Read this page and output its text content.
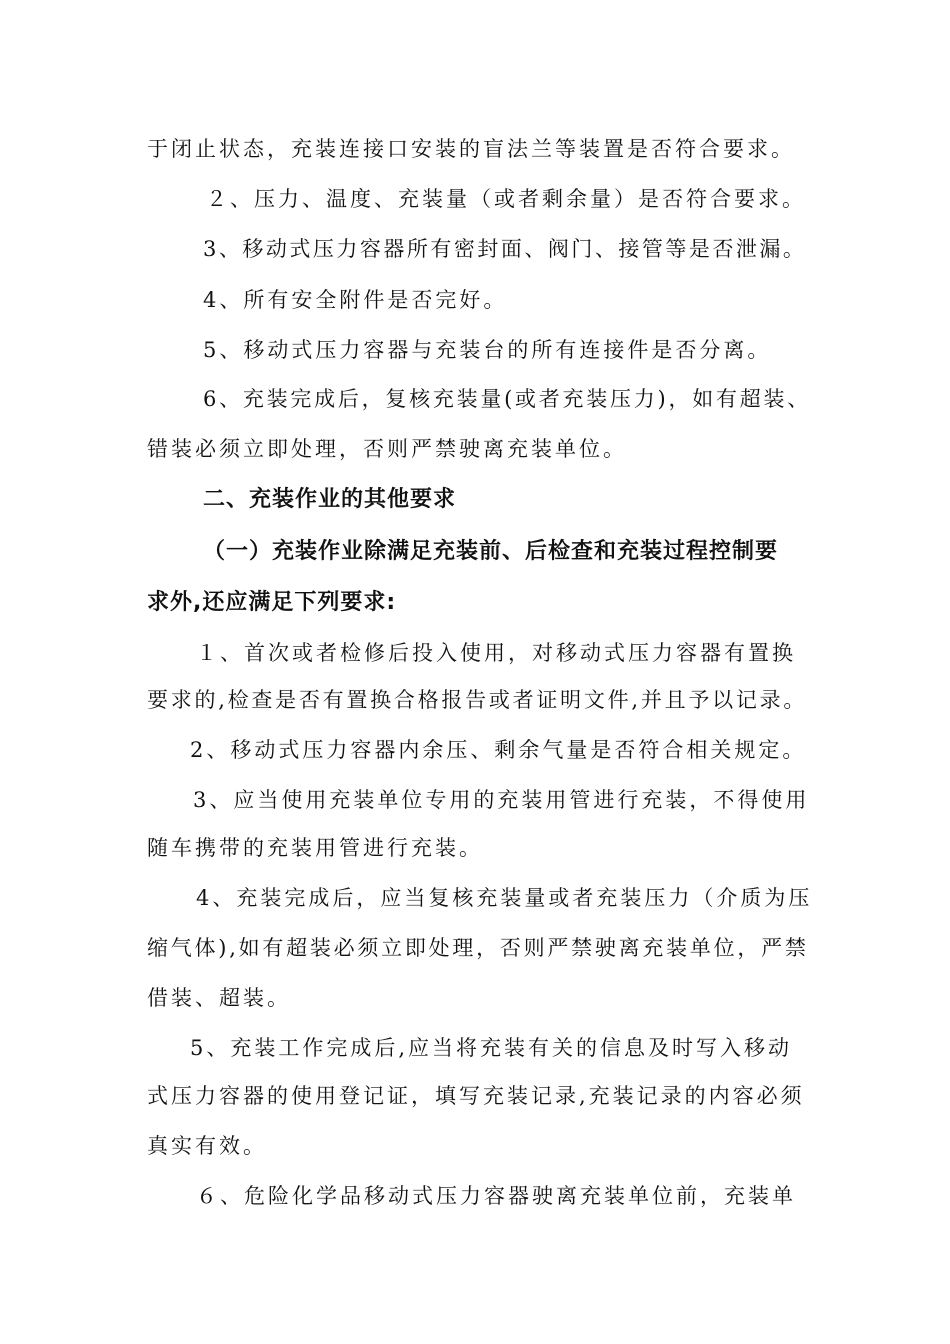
于闭止状态，充装连接口安装的盲法兰等装置是否符合要求。
２、压力、温度、充装量（或者剩余量）是否符合要求。
3、移动式压力容器所有密封面、阀门、接管等是否泄漏。
4、所有安全附件是否完好。
5、移动式压力容器与充装台的所有连接件是否分离。
6、充装完成后，复核充装量(或者充装压力)，如有超装、
错装必须立即处理，否则严禁驶离充装单位。
二、充装作业的其他要求
（一）充装作业除满足充装前、后检查和充装过程控制要
求外,还应满足下列要求:
１、首次或者检修后投入使用，对移动式压力容器有置换
要求的,检查是否有置换合格报告或者证明文件,并且予以记录。
2、移动式压力容器内余压、剩余气量是否符合相关规定。
3、应当使用充装单位专用的充装用管进行充装，不得使用
随车携带的充装用管进行充装。
4、充装完成后，应当复核充装量或者充装压力（介质为压
缩气体),如有超装必须立即处理，否则严禁驶离充装单位，严禁
借装、超装。
5、充装工作完成后,应当将充装有关的信息及时写入移动
式压力容器的使用登记证，填写充装记录,充装记录的内容必须
真实有效。
６、危险化学品移动式压力容器驶离充装单位前，充装单
